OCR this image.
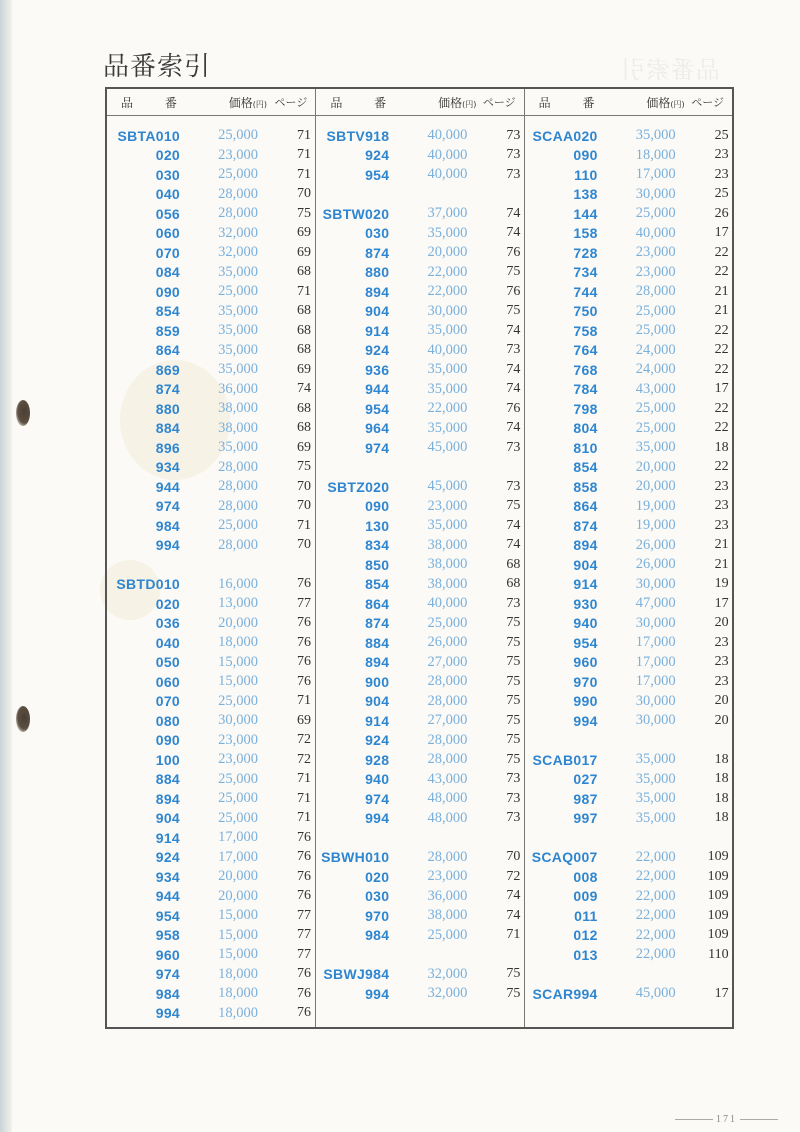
品番索引	品番索引
品 番	価格(円) ページ
SBTA010	25,000	71
020	23,000	71
030	25,000	71
040	28,000	70
056	28,000	75
060	32,000	69
070	32,000	69
084	35,000	68
090	25,000	71
854	35,000	68
859	35,000	68
864	35,000	68
869	35,000	69
874	36,000	74
880	38,000	68
884	38,000	68
896	35,000	69
934	28,000	75
944	28,000	70
974	28,000	70
984	25,000	71
994	28,000	70
SBTD010	16,000	76
020	13,000	77
036	20,000	76
040	18,000	76
050	15,000	76
060	15,000	76
070	25,000	71
080	30,000	69
090	23,000	72
100	23,000	72
884	25,000	71
894	25,000	71
904	25,000	71
914	17,000	76
924	17,000	76
934	20,000	76
944	20,000	76
954	15,000	77
958	15,000	77
960	15,000	77
974	18,000	76
984	18,000	76
994	18,000	76
品 番	価格(円) ページ
SBTV918	40,000	73
924	40,000	73
954	40,000	73
SBTW020	37,000	74
030	35,000	74
874	20,000	76
880	22,000	75
894	22,000	76
904	30,000	75
914	35,000	74
924	40,000	73
936	35,000	74
944	35,000	74
954	22,000	76
964	35,000	74
974	45,000	73
SBTZ020	45,000	73
090	23,000	75
130	35,000	74
834	38,000	74
850	38,000	68
854	38,000	68
864	40,000	73
874	25,000	75
884	26,000	75
894	27,000	75
900	28,000	75
904	28,000	75
914	27,000	75
924	28,000	75
928	28,000	75
940	43,000	73
974	48,000	73
994	48,000	73
SBWH010	28,000	70
020	23,000	72
030	36,000	74
970	38,000	74
984	25,000	71
SBWJ984	32,000	75
994	32,000	75
品 番	価格(円) ページ
SCAA020	35,000	25
090	18,000	23
110	17,000	23
138	30,000	25
144	25,000	26
158	40,000	17
728	23,000	22
734	23,000	22
744	28,000	21
750	25,000	21
758	25,000	22
764	24,000	22
768	24,000	22
784	43,000	17
798	25,000	22
804	25,000	22
810	35,000	18
854	20,000	22
858	20,000	23
864	19,000	23
874	19,000	23
894	26,000	21
904	26,000	21
914	30,000	19
930	47,000	17
940	30,000	20
954	17,000	23
960	17,000	23
970	17,000	23
990	30,000	20
994	30,000	20
SCAB017	35,000	18
027	35,000	18
987	35,000	18
997	35,000	18
SCAQ007	22,000	109
008	22,000	109
009	22,000	109
011	22,000	109
012	22,000	109
013	22,000	110
SCAR994	45,000	17
171
